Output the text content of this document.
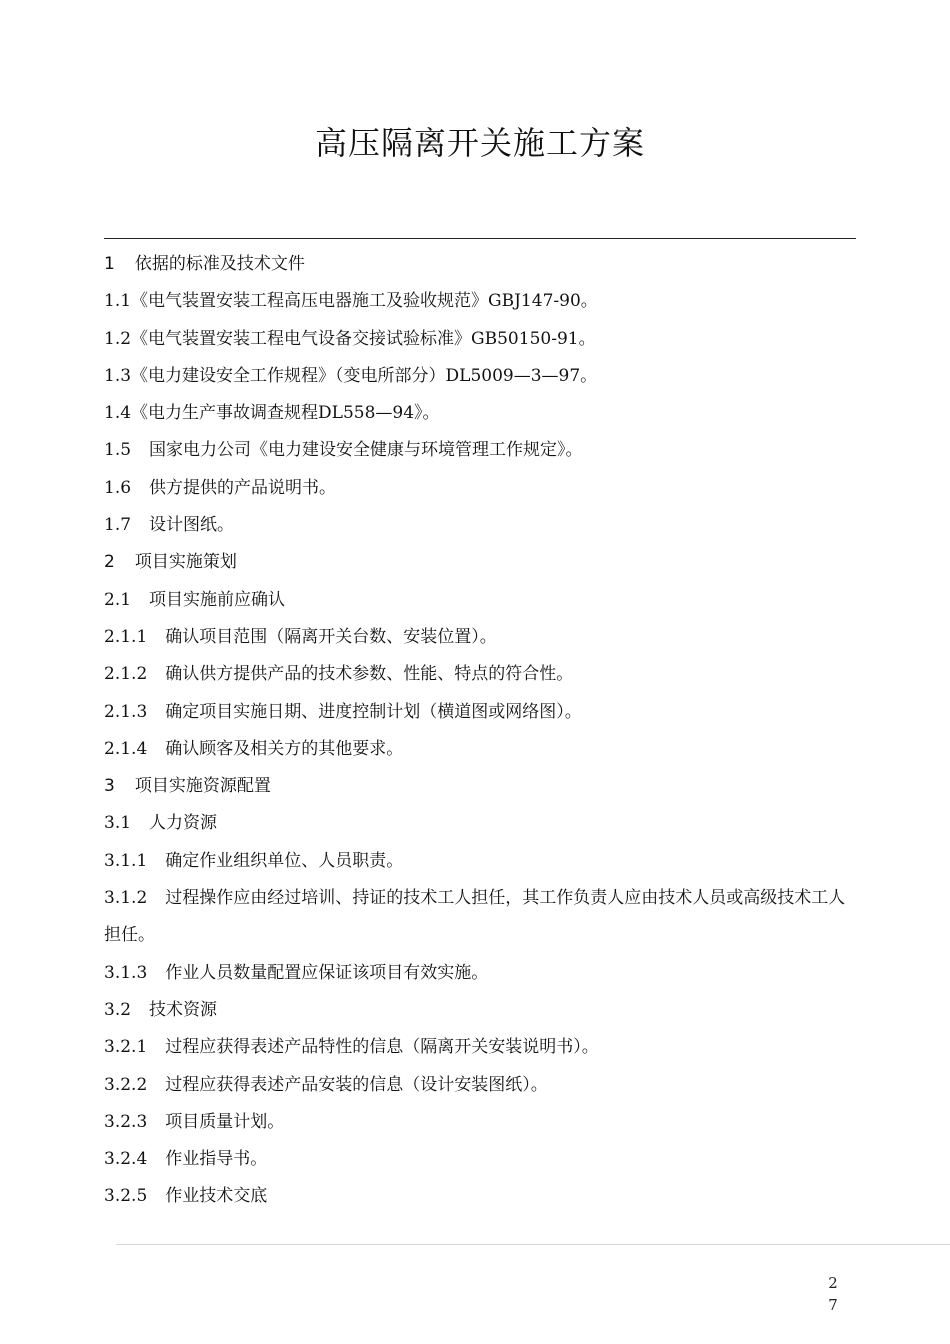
高压隔离开关施工方案
1 依据的标准及技术文件
1.1《电气装置安装工程高压电器施工及验收规范》GBJ147-90。
1.2《电气装置安装工程电气设备交接试验标准》GB50150-91。
1.3《电力建设安全工作规程》（变电所部分）DL5009—3—97。
1.4《电力生产事故调查规程DL558—94》。
1.5 国家电力公司《电力建设安全健康与环境管理工作规定》。
1.6 供方提供的产品说明书。
1.7 设计图纸。
2 项目实施策划
2.1 项目实施前应确认
2.1.1 确认项目范围（隔离开关台数、安装位置）。
2.1.2 确认供方提供产品的技术参数、性能、特点的符合性。
2.1.3 确定项目实施日期、进度控制计划（横道图或网络图）。
2.1.4 确认顾客及相关方的其他要求。
3 项目实施资源配置
3.1 人力资源
3.1.1 确定作业组织单位、人员职责。
3.1.2 过程操作应由经过培训、持证的技术工人担任，其工作负责人应由技术人员或高级技术工人担任。
3.1.3 作业人员数量配置应保证该项目有效实施。
3.2 技术资源
3.2.1 过程应获得表述产品特性的信息（隔离开关安装说明书）。
3.2.2 过程应获得表述产品安装的信息（设计安装图纸）。
3.2.3 项目质量计划。
3.2.4 作业指导书。
3.2.5 作业技术交底
27
